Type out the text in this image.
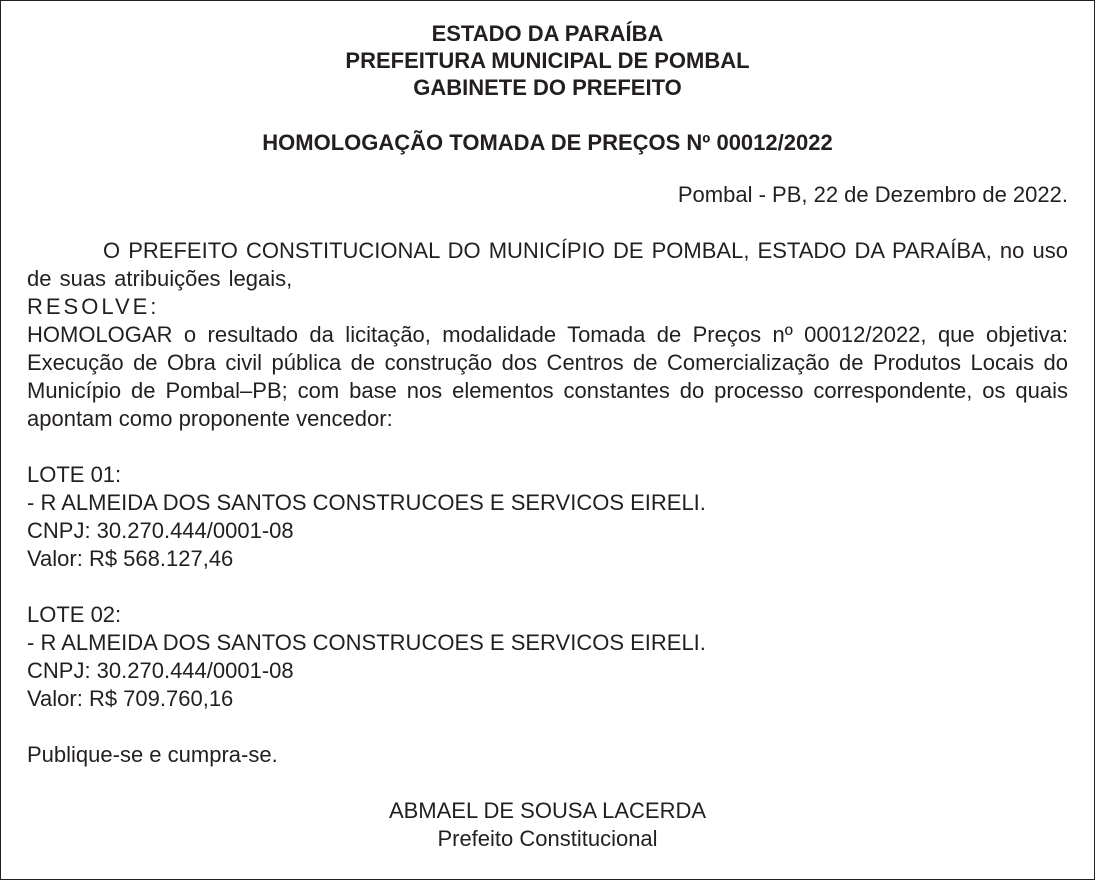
ESTADO DA PARAÍBA
PREFEITURA MUNICIPAL DE POMBAL
GABINETE DO PREFEITO
HOMOLOGAÇÃO TOMADA DE PREÇOS Nº 00012/2022
Pombal - PB, 22 de Dezembro de 2022.
O PREFEITO CONSTITUCIONAL DO MUNICÍPIO DE POMBAL, ESTADO DA PARAÍBA, no uso de suas atribuições legais,
RESOLVE:
HOMOLOGAR o resultado da licitação, modalidade Tomada de Preços nº 00012/2022, que objetiva: Execução de Obra civil pública de construção dos Centros de Comercialização de Produtos Locais do Município de Pombal–PB; com base nos elementos constantes do processo correspondente, os quais apontam como proponente vencedor:
LOTE 01:
- R ALMEIDA DOS SANTOS CONSTRUCOES E SERVICOS EIRELI.
CNPJ: 30.270.444/0001-08
Valor: R$ 568.127,46
LOTE 02:
- R ALMEIDA DOS SANTOS CONSTRUCOES E SERVICOS EIRELI.
CNPJ: 30.270.444/0001-08
Valor: R$ 709.760,16
Publique-se e cumpra-se.
ABMAEL DE SOUSA LACERDA
Prefeito Constitucional
